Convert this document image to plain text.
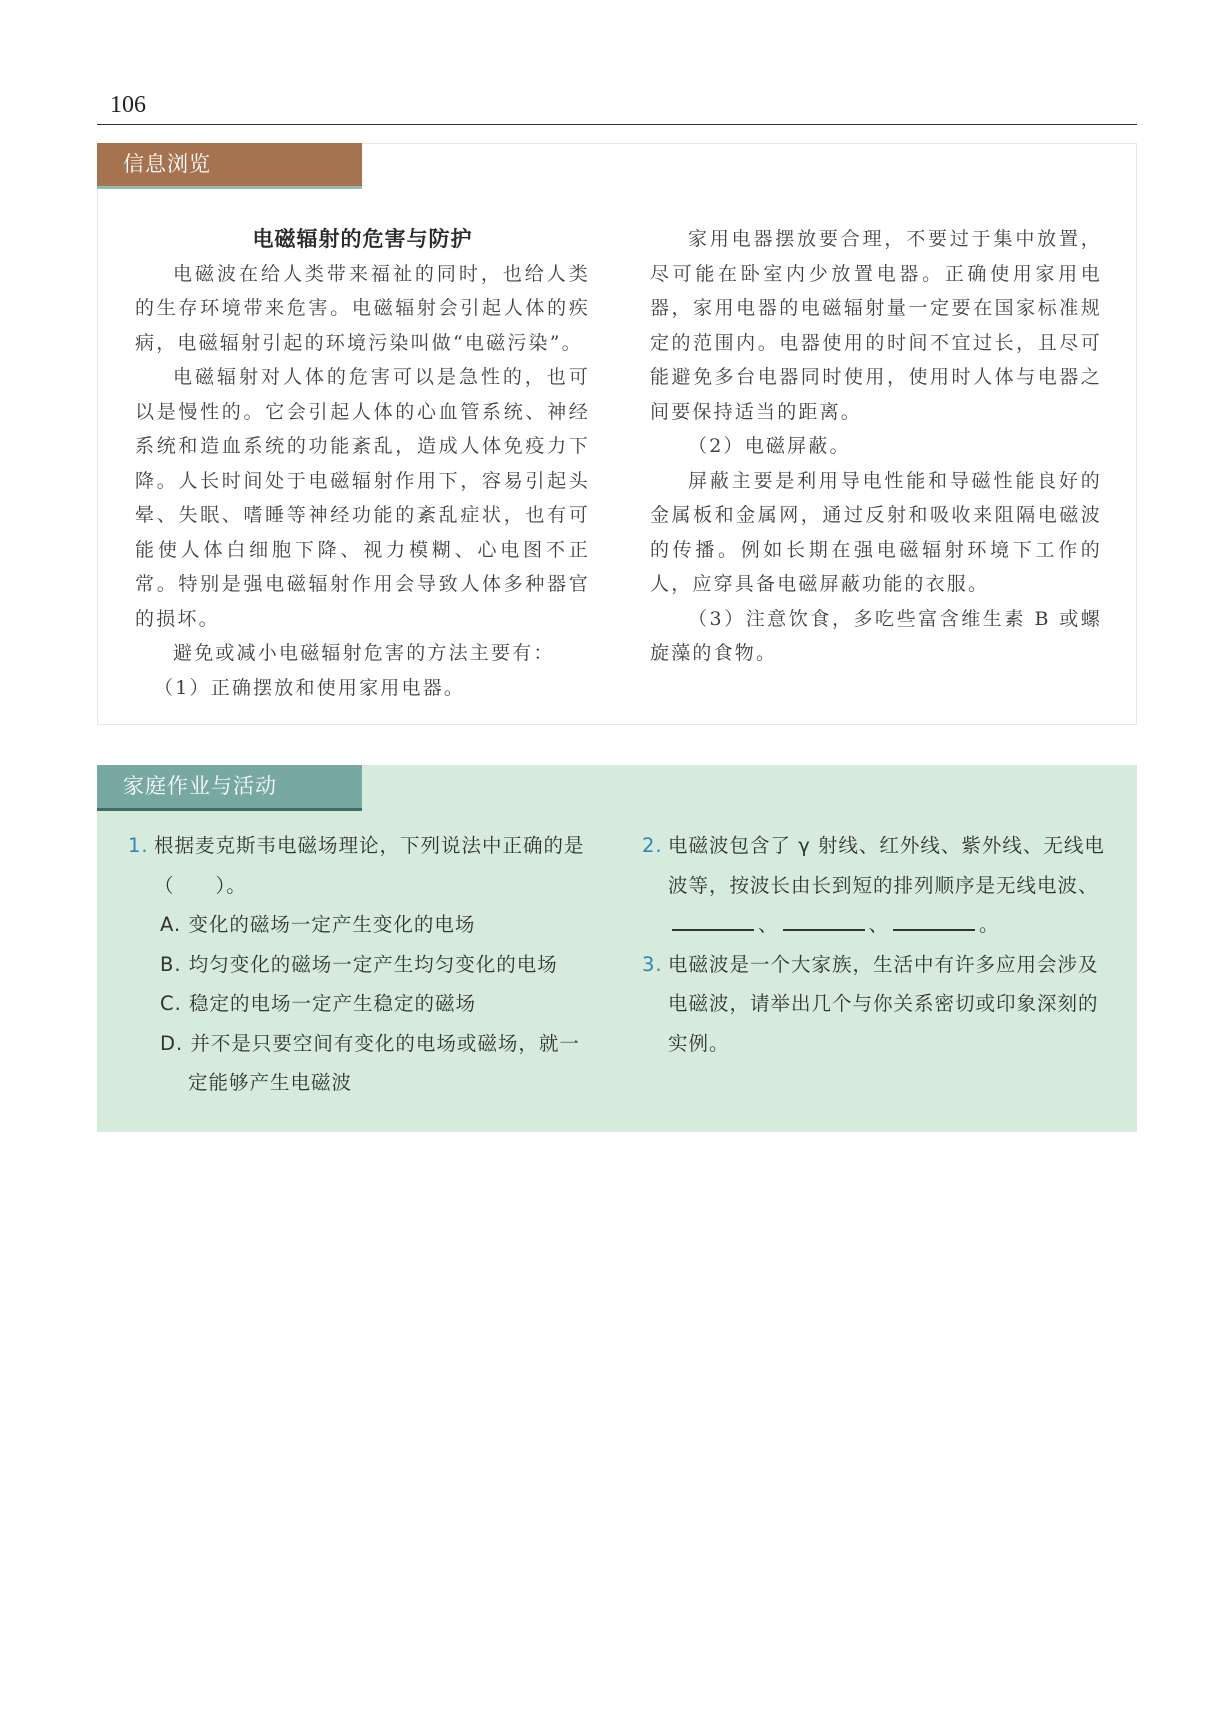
106
信息浏览
电磁辐射的危害与防护

电磁波在给人类带来福祉的同时，也给人类的生存环境带来危害。电磁辐射会引起人体的疾病，电磁辐射引起的环境污染叫做“电磁污染”。

电磁辐射对人体的危害可以是急性的，也可以是慢性的。它会引起人体的心血管系统、神经系统和造血系统的功能紊乱，造成人体免疫力下降。人长时间处于电磁辐射作用下，容易引起头晕、失眠、嗜睡等神经功能的紊乱症状，也有可能使人体白细胞下降、视力模糊、心电图不正常。特别是强电磁辐射作用会导致人体多种器官的损坏。

避免或减小电磁辐射危害的方法主要有：

（1）正确摆放和使用家用电器。

家用电器摆放要合理，不要过于集中放置，尽可能在卧室内少放置电器。正确使用家用电器，家用电器的电磁辐射量一定要在国家标准规定的范围内。电器使用的时间不宜过长，且尽可能避免多台电器同时使用，使用时人体与电器之间要保持适当的距离。

（2）电磁屏蔽。

屏蔽主要是利用导电性能和导磁性能良好的金属板和金属网，通过反射和吸收来阻隔电磁波的传播。例如长期在强电磁辐射环境下工作的人，应穿具备电磁屏蔽功能的衣服。

（3）注意饮食，多吃些富含维生素 B 或螺旋藻的食物。

家庭作业与活动
1. 根据麦克斯韦电磁场理论，下列说法中正确的是（　　）。
A. 变化的磁场一定产生变化的电场
B. 均匀变化的磁场一定产生均匀变化的电场
C. 稳定的电场一定产生稳定的磁场
D. 并不是只要空间有变化的电场或磁场，就一
定能够产生电磁波
2. 电磁波包含了 γ 射线、红外线、紫外线、无线电波等，按波长由长到短的排列顺序是无线电波、、	、	。
3. 电磁波是一个大家族，生活中有许多应用会涉及电磁波，请举出几个与你关系密切或印象深刻的实例。
